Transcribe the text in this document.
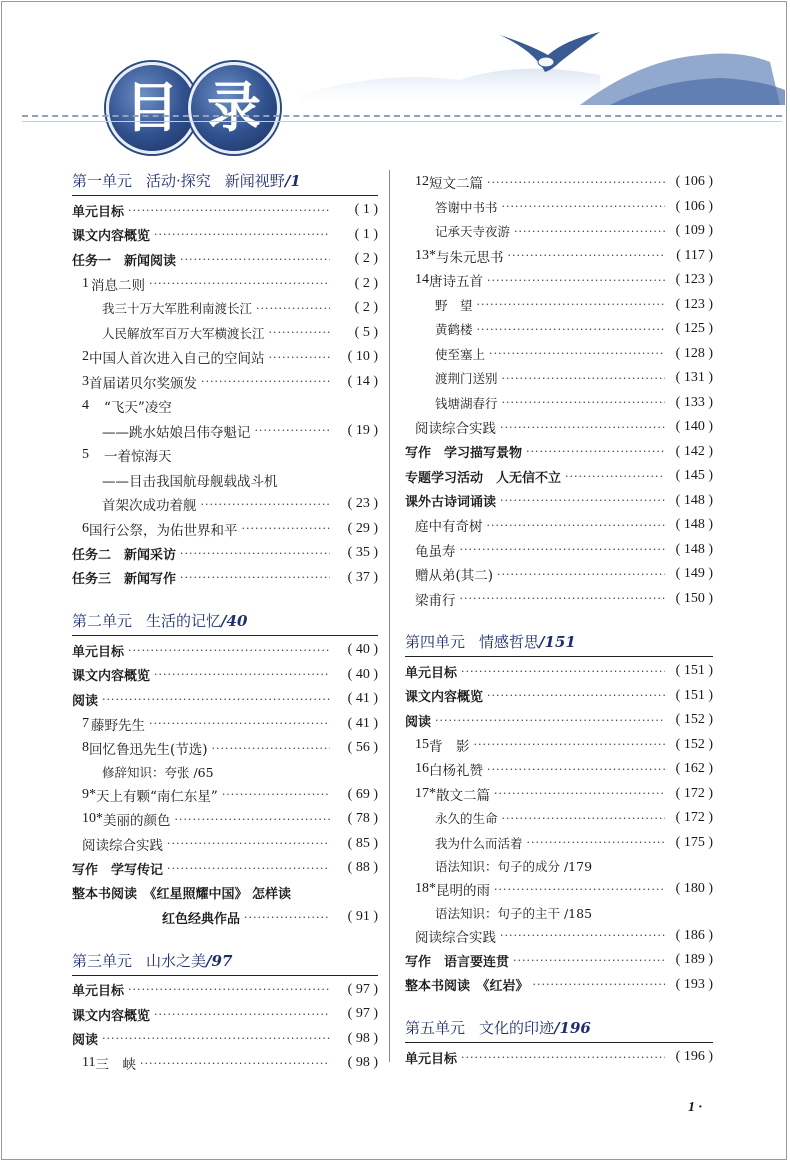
目 录
第一单元 活动·探究 新闻视野 /1
单元目标 ·····	( 1 )
课文内容概览 ·····	( 1 )
任务一　新闻阅读 ·····	( 2 )
1 消息二则 ·····	( 2 )
我三十万大军胜利南渡长江 ·····	( 2 )
人民解放军百万大军横渡长江 ·····	( 5 )
2 中国人首次进入自己的空间站 ·····	( 10 )
3 首届诺贝尔奖颁发 ·····	( 14 )
4	“飞天”凌空
——跳水姑娘吕伟夺魁记 ·····	( 19 )
5	一着惊海天
——目击我国航母舰载战斗机
首架次成功着舰 ·····	( 23 )
6 国行公祭，为佑世界和平 ·····	( 29 )
任务二　新闻采访 ·····	( 35 )
任务三　新闻写作 ·····	( 37 )
第二单元 生活的记忆 /40
单元目标 ·····	( 40 )
课文内容概览 ·····	( 40 )
阅读 ·····	( 41 )
7 藤野先生 ·····	( 41 )
8 回忆鲁迅先生(节选) ·····	( 56 )
修辞知识：夸张 /65
9* 天上有颗“南仁东星” ·····	( 69 )
10* 美丽的颜色 ·····	( 78 )
阅读综合实践 ·····	( 85 )
写作　学写传记 ·····	( 88 )
整本书阅读　《红星照耀中国》 怎样读
红色经典作品 ·····	( 91 )
第三单元 山水之美 /97
单元目标 ·····	( 97 )
课文内容概览 ·····	( 97 )
阅读 ·····	( 98 )
11 三　峡 ·····	( 98 )
12 短文二篇 ·····	( 106 )
答谢中书书 ·····	( 106 )
记承天寺夜游 ·····	( 109 )
13* 与朱元思书 ·····	( 117 )
14 唐诗五首 ·····	( 123 )
野　望 ·····	( 123 )
黄鹤楼 ·····	( 125 )
使至塞上 ·····	( 128 )
渡荆门送别 ·····	( 131 )
钱塘湖春行 ·····	( 133 )
阅读综合实践 ·····	( 140 )
写作　学习描写景物 ·····	( 142 )
专题学习活动　人无信不立 ·····	( 145 )
课外古诗词诵读 ·····	( 148 )
庭中有奇树 ·····	( 148 )
龟虽寿 ·····	( 148 )
赠从弟(其二) ·····	( 149 )
梁甫行 ·····	( 150 )
第四单元 情感哲思 /151
单元目标 ·····	( 151 )
课文内容概览 ·····	( 151 )
阅读 ·····	( 152 )
15 背　影 ·····	( 152 )
16 白杨礼赞 ·····	( 162 )
17* 散文二篇 ·····	( 172 )
永久的生命 ·····	( 172 )
我为什么而活着 ·····	( 175 )
语法知识：句子的成分 /179
18* 昆明的雨 ·····	( 180 )
语法知识：句子的主干 /185
阅读综合实践 ·····	( 186 )
写作　语言要连贯 ·····	( 189 )
整本书阅读　《红岩》 ·····	( 193 )
第五单元 文化的印迹 /196
单元目标 ·····	( 196 )
1 ·
